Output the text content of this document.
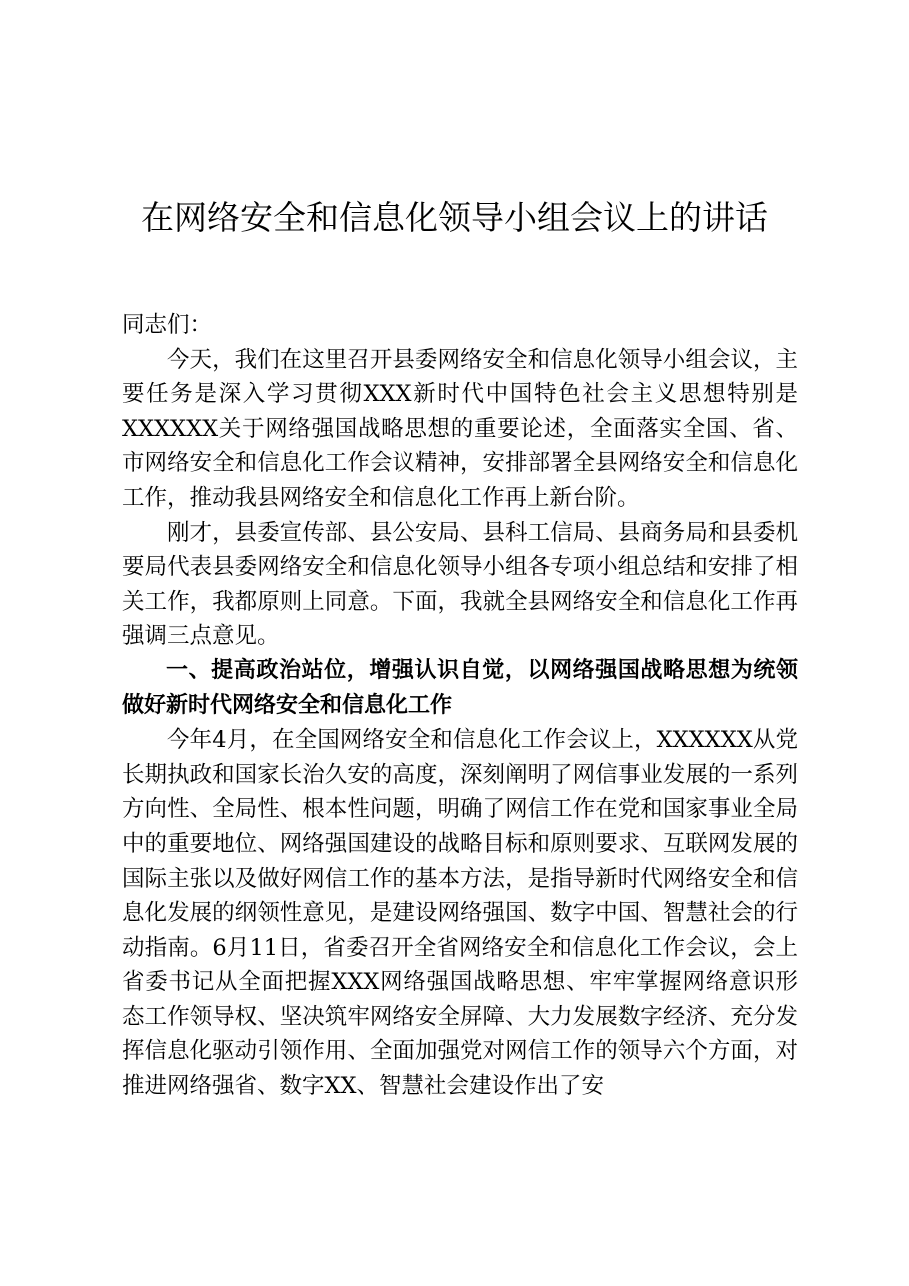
在网络安全和信息化领导小组会议上的讲话

同志们：

今天，我们在这里召开县委网络安全和信息化领导小组会议，主要任务是深入学习贯彻XXX新时代中国特色社会主义思想特别是XXXXXX关于网络强国战略思想的重要论述，全面落实全国、省、市网络安全和信息化工作会议精神，安排部署全县网络安全和信息化工作，推动我县网络安全和信息化工作再上新台阶。

刚才，县委宣传部、县公安局、县科工信局、县商务局和县委机要局代表县委网络安全和信息化领导小组各专项小组总结和安排了相关工作，我都原则上同意。下面，我就全县网络安全和信息化工作再强调三点意见。

一、提高政治站位，增强认识自觉，以网络强国战略思想为统领做好新时代网络安全和信息化工作

今年4月，在全国网络安全和信息化工作会议上，XXXXXX从党长期执政和国家长治久安的高度，深刻阐明了网信事业发展的一系列方向性、全局性、根本性问题，明确了网信工作在党和国家事业全局中的重要地位、网络强国建设的战略目标和原则要求、互联网发展的国际主张以及做好网信工作的基本方法，是指导新时代网络安全和信息化发展的纲领性意见，是建设网络强国、数字中国、智慧社会的行动指南。6月11日，省委召开全省网络安全和信息化工作会议，会上省委书记从全面把握XXX网络强国战略思想、牢牢掌握网络意识形态工作领导权、坚决筑牢网络安全屏障、大力发展数字经济、充分发挥信息化驱动引领作用、全面加强党对网信工作的领导六个方面，对推进网络强省、数字XX、智慧社会建设作出了安
